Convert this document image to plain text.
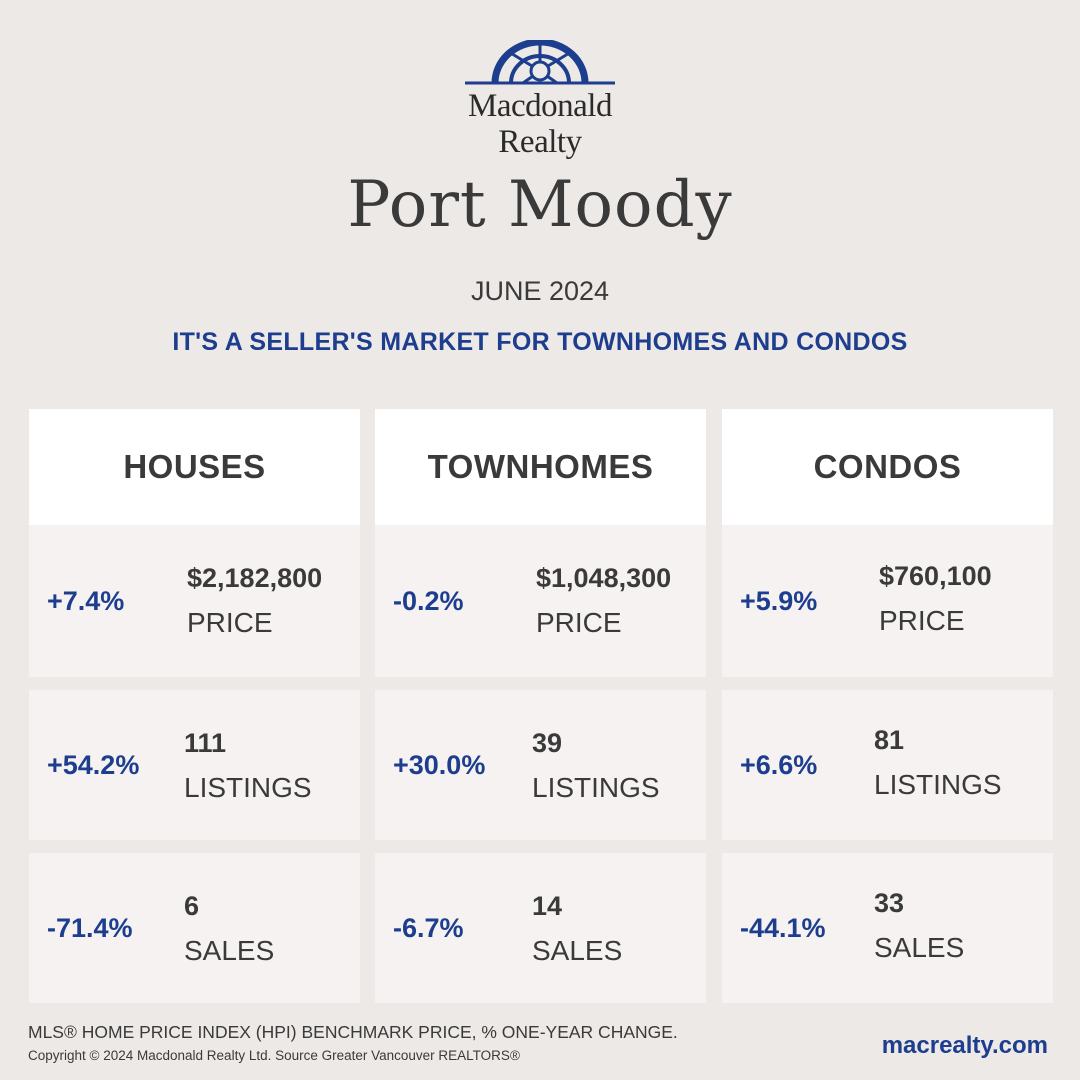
Macdonald
Realty
Port Moody
JUNE 2024
IT'S A SELLER'S MARKET FOR TOWNHOMES AND CONDOS
HOUSES
+7.4%
$2,182,800
PRICE
+54.2%
111
LISTINGS
-71.4%
6
SALES
TOWNHOMES
-0.2%
$1,048,300
PRICE
+30.0%
39
LISTINGS
-6.7%
14
SALES
CONDOS
+5.9%
$760,100
PRICE
+6.6%
81
LISTINGS
-44.1%
33
SALES
MLS® HOME PRICE INDEX (HPI) BENCHMARK PRICE, % ONE-YEAR CHANGE.
Copyright © 2024 Macdonald Realty Ltd. Source Greater Vancouver REALTORS®	macrealty.com
